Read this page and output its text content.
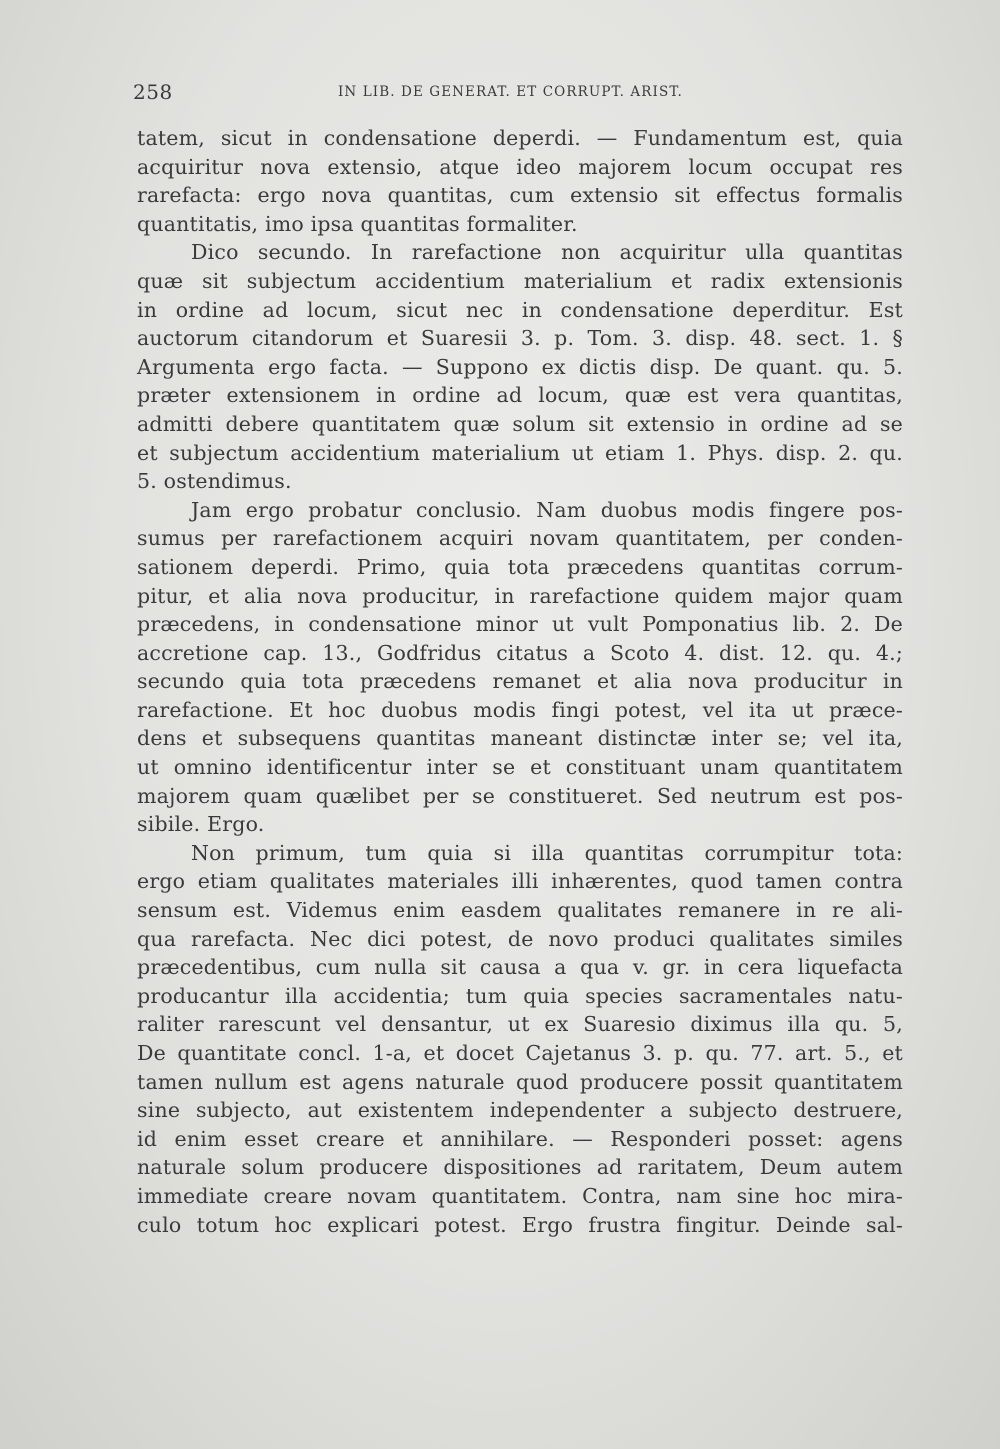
258	IN LIB. DE GENERAT. ET CORRUPT. ARIST.
tatem, sicut in condensatione deperdi. — Fundamentum est, quia
acquiritur nova extensio, atque ideo majorem locum occupat res
rarefacta: ergo nova quantitas, cum extensio sit effectus formalis
quantitatis, imo ipsa quantitas formaliter.
Dico secundo. In rarefactione non acquiritur ulla quantitas
quæ sit subjectum accidentium materialium et radix extensionis
in ordine ad locum, sicut nec in condensatione deperditur. Est
auctorum citandorum et Suaresii 3. p. Tom. 3. disp. 48. sect. 1. §
Argumenta ergo facta. — Suppono ex dictis disp. De quant. qu. 5.
præter extensionem in ordine ad locum, quæ est vera quantitas,
admitti debere quantitatem quæ solum sit extensio in ordine ad se
et subjectum accidentium materialium ut etiam 1. Phys. disp. 2. qu.
5. ostendimus.
Jam ergo probatur conclusio. Nam duobus modis fingere pos-
sumus per rarefactionem acquiri novam quantitatem, per conden-
sationem deperdi. Primo, quia tota præcedens quantitas corrum-
pitur, et alia nova producitur, in rarefactione quidem major quam
præcedens, in condensatione minor ut vult Pomponatius lib. 2. De
accretione cap. 13., Godfridus citatus a Scoto 4. dist. 12. qu. 4.;
secundo quia tota præcedens remanet et alia nova producitur in
rarefactione. Et hoc duobus modis fingi potest, vel ita ut præce-
dens et subsequens quantitas maneant distinctæ inter se; vel ita,
ut omnino identificentur inter se et constituant unam quantitatem
majorem quam quælibet per se constitueret. Sed neutrum est pos-
sibile. Ergo.
Non primum, tum quia si illa quantitas corrumpitur tota:
ergo etiam qualitates materiales illi inhærentes, quod tamen contra
sensum est. Videmus enim easdem qualitates remanere in re ali-
qua rarefacta. Nec dici potest, de novo produci qualitates similes
præcedentibus, cum nulla sit causa a qua v. gr. in cera liquefacta
producantur illa accidentia; tum quia species sacramentales natu-
raliter rarescunt vel densantur, ut ex Suaresio diximus illa qu. 5,
De quantitate concl. 1-a, et docet Cajetanus 3. p. qu. 77. art. 5., et
tamen nullum est agens naturale quod producere possit quantitatem
sine subjecto, aut existentem independenter a subjecto destruere,
id enim esset creare et annihilare. — Responderi posset: agens
naturale solum producere dispositiones ad raritatem, Deum autem
immediate creare novam quantitatem. Contra, nam sine hoc mira-
culo totum hoc explicari potest. Ergo frustra fingitur. Deinde sal-
